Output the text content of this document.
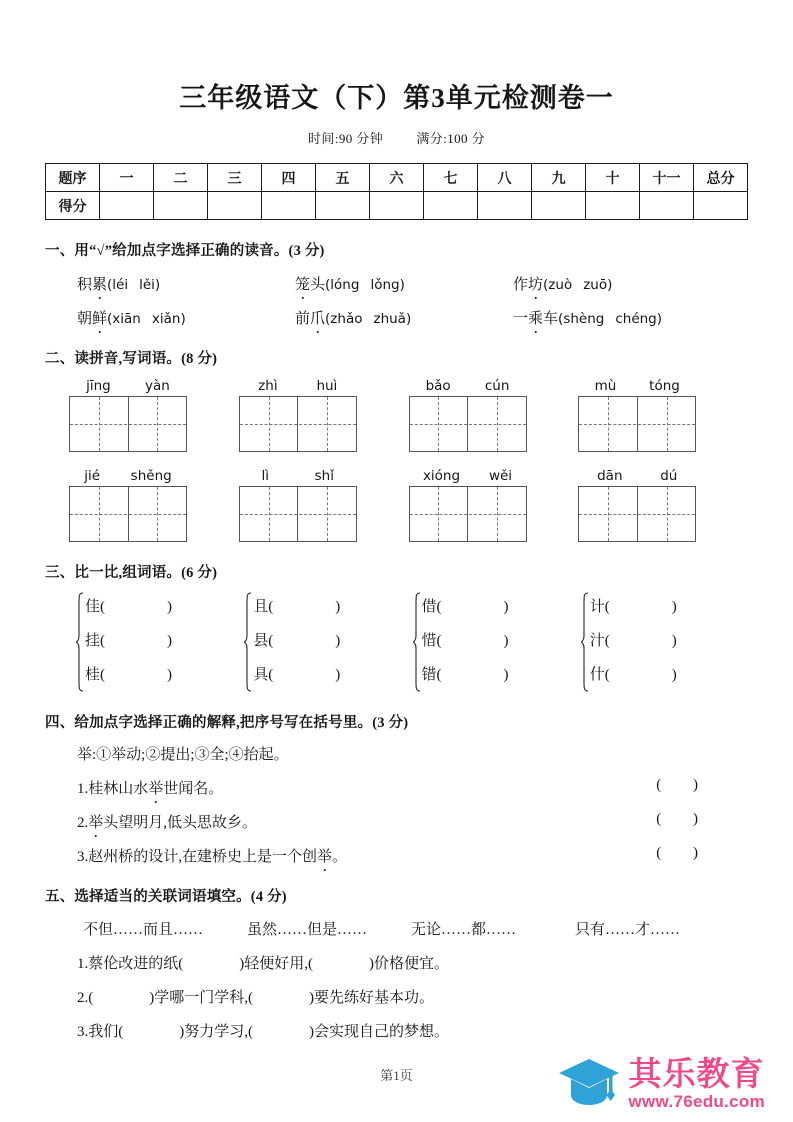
三年级语文（下）第3单元检测卷一
时间:90 分钟	满分:100 分
题序	一	二	三	四	五	六	七	八	九	十	十一	总分
得分												
一、用“√”给加点字选择正确的读音。(3 分)
积累(léi lěi)	笼头(lóng lǒng)	作坊(zuò zuō)
朝鲜(xiān xiǎn)	前爪(zhǎo zhuǎ)	一乘车(shèng chéng)
二、读拼音,写词语。(8 分)
jīng	yàn	zhì	huì	bǎo	cún	mù tóng
jié shěng	lì	shǐ	xióng wěi	dān	dú
三、比一比,组词语。(6 分)
佳(	)
挂(	)
桂(	)
且(	)
县(	)
具(	)
借(	)
惜(	)
错(	)
计(	)
汁(	)
什(	)
四、给加点字选择正确的解释,把序号写在括号里。(3 分)
举:①举动;②提出;③全;④抬起。
1.桂林山水举世闻名。	( )
2.举头望明月,低头思故乡。	( )
3.赵州桥的设计,在建桥史上是一个创举。	( )
五、选择适当的关联词语填空。(4 分)
不但……而且……	虽然……但是……	无论……都……	只有……才……
1.蔡伦改进的纸(	)轻便好用,(	)价格便宜。
2.(	)学哪一门学科,(	)要先练好基本功。
3.我们(	)努力学习,(	)会实现自己的梦想。
第1页	其乐教育
www.76edu.com
